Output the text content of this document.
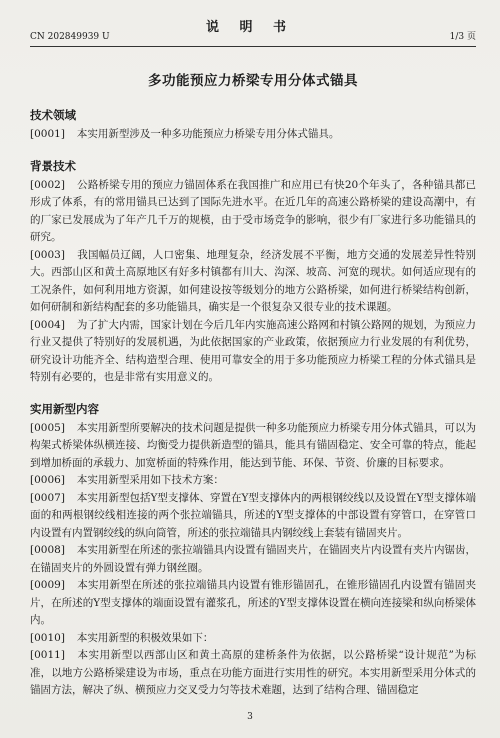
CN 202849939 U
说 明 书
1/3 页
多功能预应力桥梁专用分体式锚具
技术领域

[0001] 本实用新型涉及一种多功能预应力桥梁专用分体式锚具。

背景技术

[0002] 公路桥梁专用的预应力锚固体系在我国推广和应用已有快20个年头了，各种锚具都已形成了体系，有的常用锚具已达到了国际先进水平。在近几年的高速公路桥梁的建设高潮中，有的厂家已发展成为了年产几千万的规模，由于受市场竞争的影响，很少有厂家进行多功能锚具的研究。

[0003] 我国幅员辽阔，人口密集、地理复杂，经济发展不平衡，地方交通的发展差异性特别大。西部山区和黄土高原地区有好多村镇都有川大、沟深、坡高、河宽的现状。如何适应现有的工况条件，如何利用地方资源，如何建设按等级划分的地方公路桥梁，如何进行桥梁结构创新，如何研制和新结构配套的多功能锚具，确实是一个很复杂又很专业的技术课题。

[0004] 为了扩大内需，国家计划在今后几年内实施高速公路网和村镇公路网的规划，为预应力行业又提供了特别好的发展机遇，为此依据国家的产业政策，依据预应力行业发展的有利优势，研究设计功能齐全、结构造型合理、使用可靠安全的用于多功能预应力桥梁工程的分体式锚具是特别有必要的，也是非常有实用意义的。

实用新型内容

[0005] 本实用新型所要解决的技术问题是提供一种多功能预应力桥梁专用分体式锚具，可以为构架式桥梁体纵横连接、均衡受力提供新造型的锚具，能具有锚固稳定、安全可靠的特点，能起到增加桥面的承载力、加宽桥面的特殊作用，能达到节能、环保、节资、价廉的目标要求。

[0006] 本实用新型采用如下技术方案：

[0007] 本实用新型包括Y型支撑体、穿置在Y型支撑体内的两根钢绞线以及设置在Y型支撑体端面的和两根钢绞线相连接的两个张拉端锚具，所述的Y型支撑体的中部设置有穿管口，在穿管口内设置有内置钢绞线的纵向筒管，所述的张拉端锚具内钢绞线上套装有锚固夹片。

[0008] 本实用新型在所述的张拉端锚具内设置有锚固夹片，在锚固夹片内设置有夹片内锯齿，在锚固夹片的外圆设置有弹力钢丝圈。

[0009] 本实用新型在所述的张拉端锚具内设置有锥形锚固孔，在锥形锚固孔内设置有锚固夹片，在所述的Y型支撑体的端面设置有灌浆孔，所述的Y型支撑体设置在横向连接梁和纵向桥梁体内。

[0010] 本实用新型的积极效果如下：

[0011] 本实用新型以西部山区和黄土高原的建桥条件为依据，以公路桥梁“设计规范”为标准，以地方公路桥梁建设为市场，重点在功能方面进行实用性的研究。本实用新型采用分体式的锚固方法，解决了纵、横预应力交叉受力匀等技术难题，达到了结构合理、锚固稳定

3
